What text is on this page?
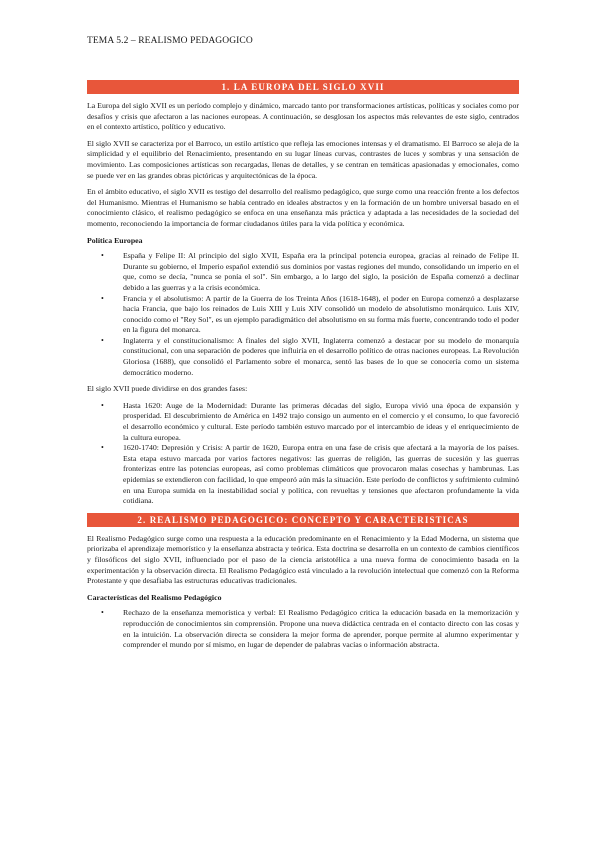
TEMA 5.2 – REALISMO PEDAGOGICO
1. LA EUROPA DEL SIGLO XVII

La Europa del siglo XVII es un período complejo y dinámico, marcado tanto por transformaciones artísticas, políticas y sociales como por desafíos y crisis que afectaron a las naciones europeas. A continuación, se desglosan los aspectos más relevantes de este siglo, centrados en el contexto artístico, político y educativo.

El siglo XVII se caracteriza por el Barroco, un estilo artístico que refleja las emociones intensas y el dramatismo. El Barroco se aleja de la simplicidad y el equilibrio del Renacimiento, presentando en su lugar líneas curvas, contrastes de luces y sombras y una sensación de movimiento. Las composiciones artísticas son recargadas, llenas de detalles, y se centran en temáticas apasionadas y emocionales, como se puede ver en las grandes obras pictóricas y arquitectónicas de la época.

En el ámbito educativo, el siglo XVII es testigo del desarrollo del realismo pedagógico, que surge como una reacción frente a los defectos del Humanismo. Mientras el Humanismo se había centrado en ideales abstractos y en la formación de un hombre universal basado en el conocimiento clásico, el realismo pedagógico se enfoca en una enseñanza más práctica y adaptada a las necesidades de la sociedad del momento, reconociendo la importancia de formar ciudadanos útiles para la vida política y económica.

Política Europea
• España y Felipe II: Al principio del siglo XVII, España era la principal potencia europea, gracias al reinado de Felipe II. Durante su gobierno, el Imperio español extendió sus dominios por vastas regiones del mundo, consolidando un imperio en el que, como se decía, "nunca se ponía el sol". Sin embargo, a lo largo del siglo, la posición de España comenzó a declinar debido a las guerras y a la crisis económica.
• Francia y el absolutismo: A partir de la Guerra de los Treinta Años (1618-1648), el poder en Europa comenzó a desplazarse hacia Francia, que bajo los reinados de Luis XIII y Luis XIV consolidó un modelo de absolutismo monárquico. Luis XIV, conocido como el "Rey Sol", es un ejemplo paradigmático del absolutismo en su forma más fuerte, concentrando todo el poder en la figura del monarca.
• Inglaterra y el constitucionalismo: A finales del siglo XVII, Inglaterra comenzó a destacar por su modelo de monarquía constitucional, con una separación de poderes que influiría en el desarrollo político de otras naciones europeas. La Revolución Gloriosa (1688), que consolidó el Parlamento sobre el monarca, sentó las bases de lo que se conocería como un sistema democrático moderno.

El siglo XVII puede dividirse en dos grandes fases:

• Hasta 1620: Auge de la Modernidad: Durante las primeras décadas del siglo, Europa vivió una época de expansión y prosperidad. El descubrimiento de América en 1492 trajo consigo un aumento en el comercio y el consumo, lo que favoreció el desarrollo económico y cultural. Este período también estuvo marcado por el intercambio de ideas y el enriquecimiento de la cultura europea.
• 1620-1740: Depresión y Crisis: A partir de 1620, Europa entra en una fase de crisis que afectará a la mayoría de los países. Esta etapa estuvo marcada por varios factores negativos: las guerras de religión, las guerras de sucesión y las guerras fronterizas entre las potencias europeas, así como problemas climáticos que provocaron malas cosechas y hambrunas. Las epidemias se extendieron con facilidad, lo que empeoró aún más la situación. Este período de conflictos y sufrimiento culminó en una Europa sumida en la inestabilidad social y política, con revueltas y tensiones que afectaron profundamente la vida cotidiana.
2. REALISMO PEDAGOGICO: CONCEPTO Y CARACTERISTICAS

El Realismo Pedagógico surge como una respuesta a la educación predominante en el Renacimiento y la Edad Moderna, un sistema que priorizaba el aprendizaje memorístico y la enseñanza abstracta y teórica. Esta doctrina se desarrolla en un contexto de cambios científicos y filosóficos del siglo XVII, influenciado por el paso de la ciencia aristotélica a una nueva forma de conocimiento basada en la experimentación y la observación directa. El Realismo Pedagógico está vinculado a la revolución intelectual que comenzó con la Reforma Protestante y que desafiaba las estructuras educativas tradicionales.

Características del Realismo Pedagógico
• Rechazo de la enseñanza memorística y verbal: El Realismo Pedagógico critica la educación basada en la memorización y reproducción de conocimientos sin comprensión. Propone una nueva didáctica centrada en el contacto directo con las cosas y en la intuición. La observación directa se considera la mejor forma de aprender, porque permite al alumno experimentar y comprender el mundo por sí mismo, en lugar de depender de palabras vacías o información abstracta.
